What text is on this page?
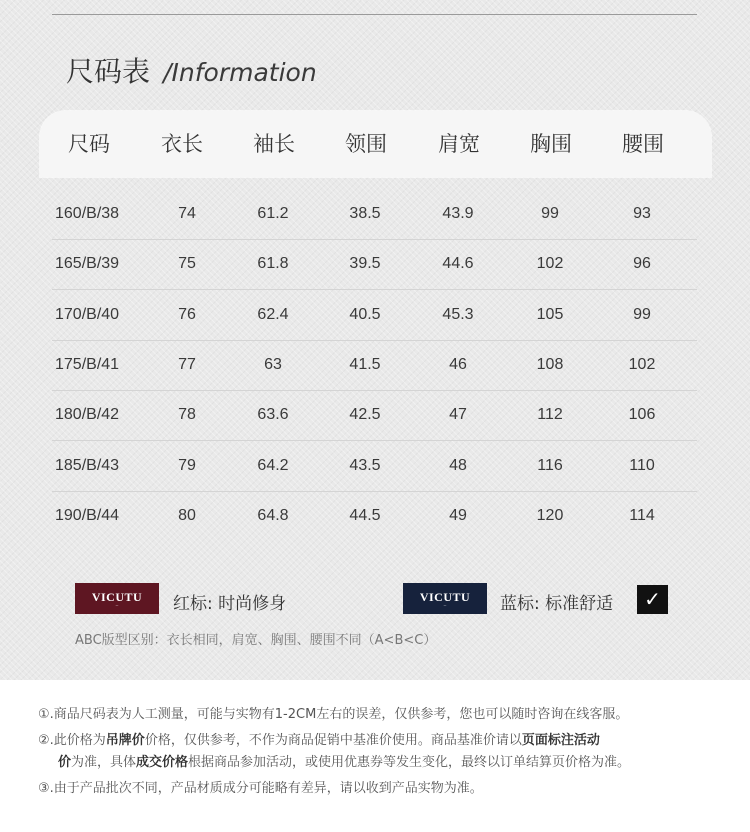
尺码表 /Information
尺码	衣长	袖长	领围	肩宽	胸围	腰围
160/B/38	74	61.2	38.5	43.9	99	93
165/B/39	75	61.8	39.5	44.6	102	96
170/B/40	76	62.4	40.5	45.3	105	99
175/B/41	77	63	41.5	46	108	102
180/B/42	78	63.6	42.5	47	112	106
185/B/43	79	64.2	43.5	48	116	110
190/B/44	80	64.8	44.5	49	120	114
VICUTU
~	红标: 时尚修身	VICUTU
~	蓝标: 标准舒适	✓
ABC版型区别：衣长相同，肩宽、胸围、腰围不同（A<B<C）
①.商品尺码表为人工测量，可能与实物有1-2CM左右的误差，仅供参考，您也可以随时咨询在线客服。
②.此价格为吊牌价价格，仅供参考，不作为商品促销中基准价使用。商品基准价请以页面标注活动
价为准，具体成交价格根据商品参加活动，或使用优惠券等发生变化，最终以订单结算页价格为准。
③.由于产品批次不同，产品材质成分可能略有差异，请以收到产品实物为准。
